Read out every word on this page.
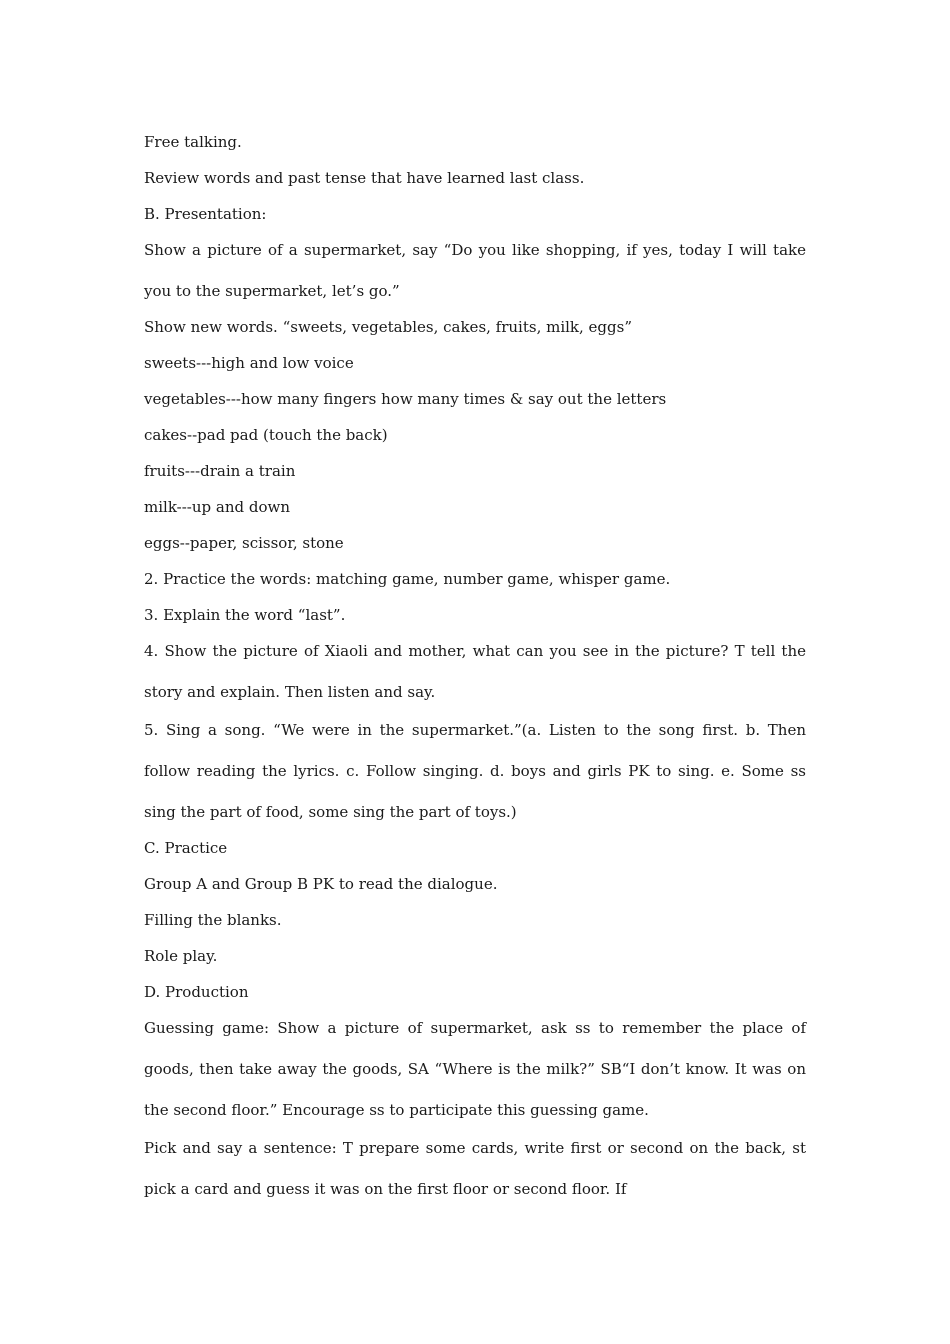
Free talking.

Review words and past tense that have learned last class.

B. Presentation:

Show a picture of a supermarket, say “Do you like shopping, if yes, today I will take you to the supermarket, let’s go.”

Show new words. “sweets, vegetables, cakes, fruits, milk, eggs”

sweets---high and low voice

vegetables---how many fingers how many times & say out the letters

cakes--pad pad (touch the back)

fruits---drain a train

milk---up and down

eggs--paper, scissor, stone

2. Practice the words: matching game, number game, whisper game.

3. Explain the word “last”.

4. Show the picture of Xiaoli and mother, what can you see in the picture? T tell the story and explain. Then listen and say.

5. Sing a song. “We were in the supermarket.”(a. Listen to the song first. b. Then follow reading the lyrics. c. Follow singing. d. boys and girls PK to sing. e. Some ss sing the part of food, some sing the part of toys.)

C. Practice

Group A and Group B PK to read the dialogue.

Filling the blanks.

Role play.

D. Production

Guessing game: Show a picture of supermarket, ask ss to remember the place of goods, then take away the goods, SA “Where is the milk?” SB“I don’t know. It was on the second floor.” Encourage ss to participate this guessing game.

Pick and say a sentence: T prepare some cards, write first or second on the back, st pick a card and guess it was on the first floor or second floor. If
